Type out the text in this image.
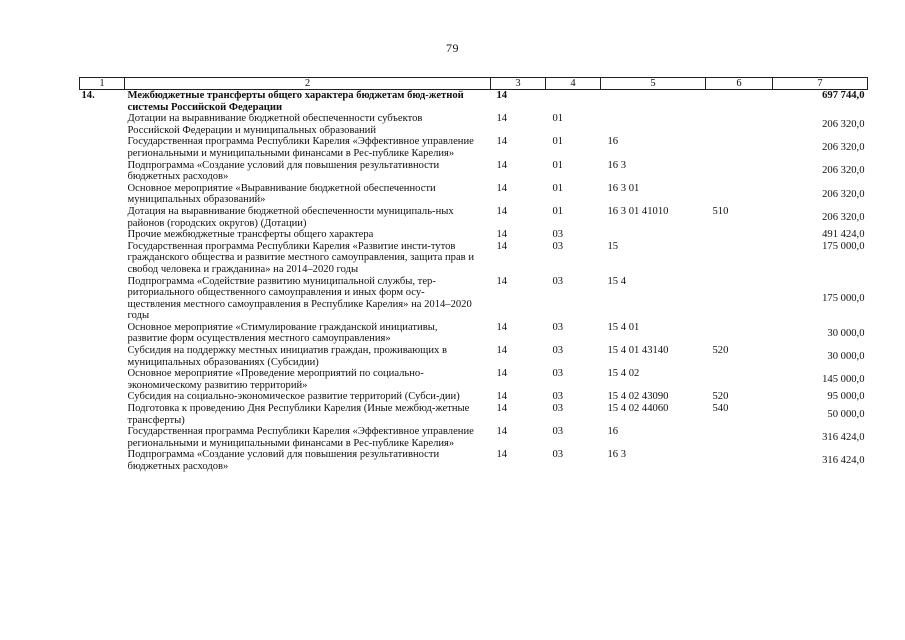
79
1	2	3	4	5	6	7
14.	Межбюджетные трансферты общего характера бюджетам бюд-жетной системы Российской Федерации	14				697 744,0
	Дотации на выравнивание бюджетной обеспеченности субъектов Российской Федерации и муниципальных образований	14	01			206 320,0
	Государственная программа Республики Карелия «Эффективное управление региональными и муниципальными финансами в Рес-публике Карелия»	14	01	16		206 320,0
	Подпрограмма «Создание условий для повышения результативности бюджетных расходов»	14	01	16 3		206 320,0
	Основное мероприятие «Выравнивание бюджетной обеспеченности муниципальных образований»	14	01	16 3 01		206 320,0
	Дотация на выравнивание бюджетной обеспеченности муниципаль-ных районов (городских округов) (Дотации)	14	01	16 3 01 41010	510	206 320,0
	Прочие межбюджетные трансферты общего характера	14	03			491 424,0
	Государственная программа Республики Карелия «Развитие инсти-тутов гражданского общества и развитие местного самоуправления, защита прав и свобод человека и гражданина» на 2014–2020 годы	14	03	15		175 000,0
	Подпрограмма «Содействие развитию муниципальной службы, тер-риториального общественного самоуправления и иных форм осу-ществления местного самоуправления в Республике Карелия» на 2014–2020 годы	14	03	15 4		175 000,0
	Основное мероприятие «Стимулирование гражданской инициативы, развитие форм осуществления местного самоуправления»	14	03	15 4 01		30 000,0
	Субсидия на поддержку местных инициатив граждан, проживающих в муниципальных образованиях (Субсидии)	14	03	15 4 01 43140	520	30 000,0
	Основное мероприятие «Проведение мероприятий по социально-экономическому развитию территорий»	14	03	15 4 02		145 000,0
	Субсидия на социально-экономическое развитие территорий (Субси-дии)	14	03	15 4 02 43090	520	95 000,0
	Подготовка к проведению Дня Республики Карелия (Иные межбюд-жетные трансферты)	14	03	15 4 02 44060	540	50 000,0
	Государственная программа Республики Карелия «Эффективное управление региональными и муниципальными финансами в Рес-публике Карелия»	14	03	16		316 424,0
	Подпрограмма «Создание условий для повышения результативности бюджетных расходов»	14	03	16 3		316 424,0
